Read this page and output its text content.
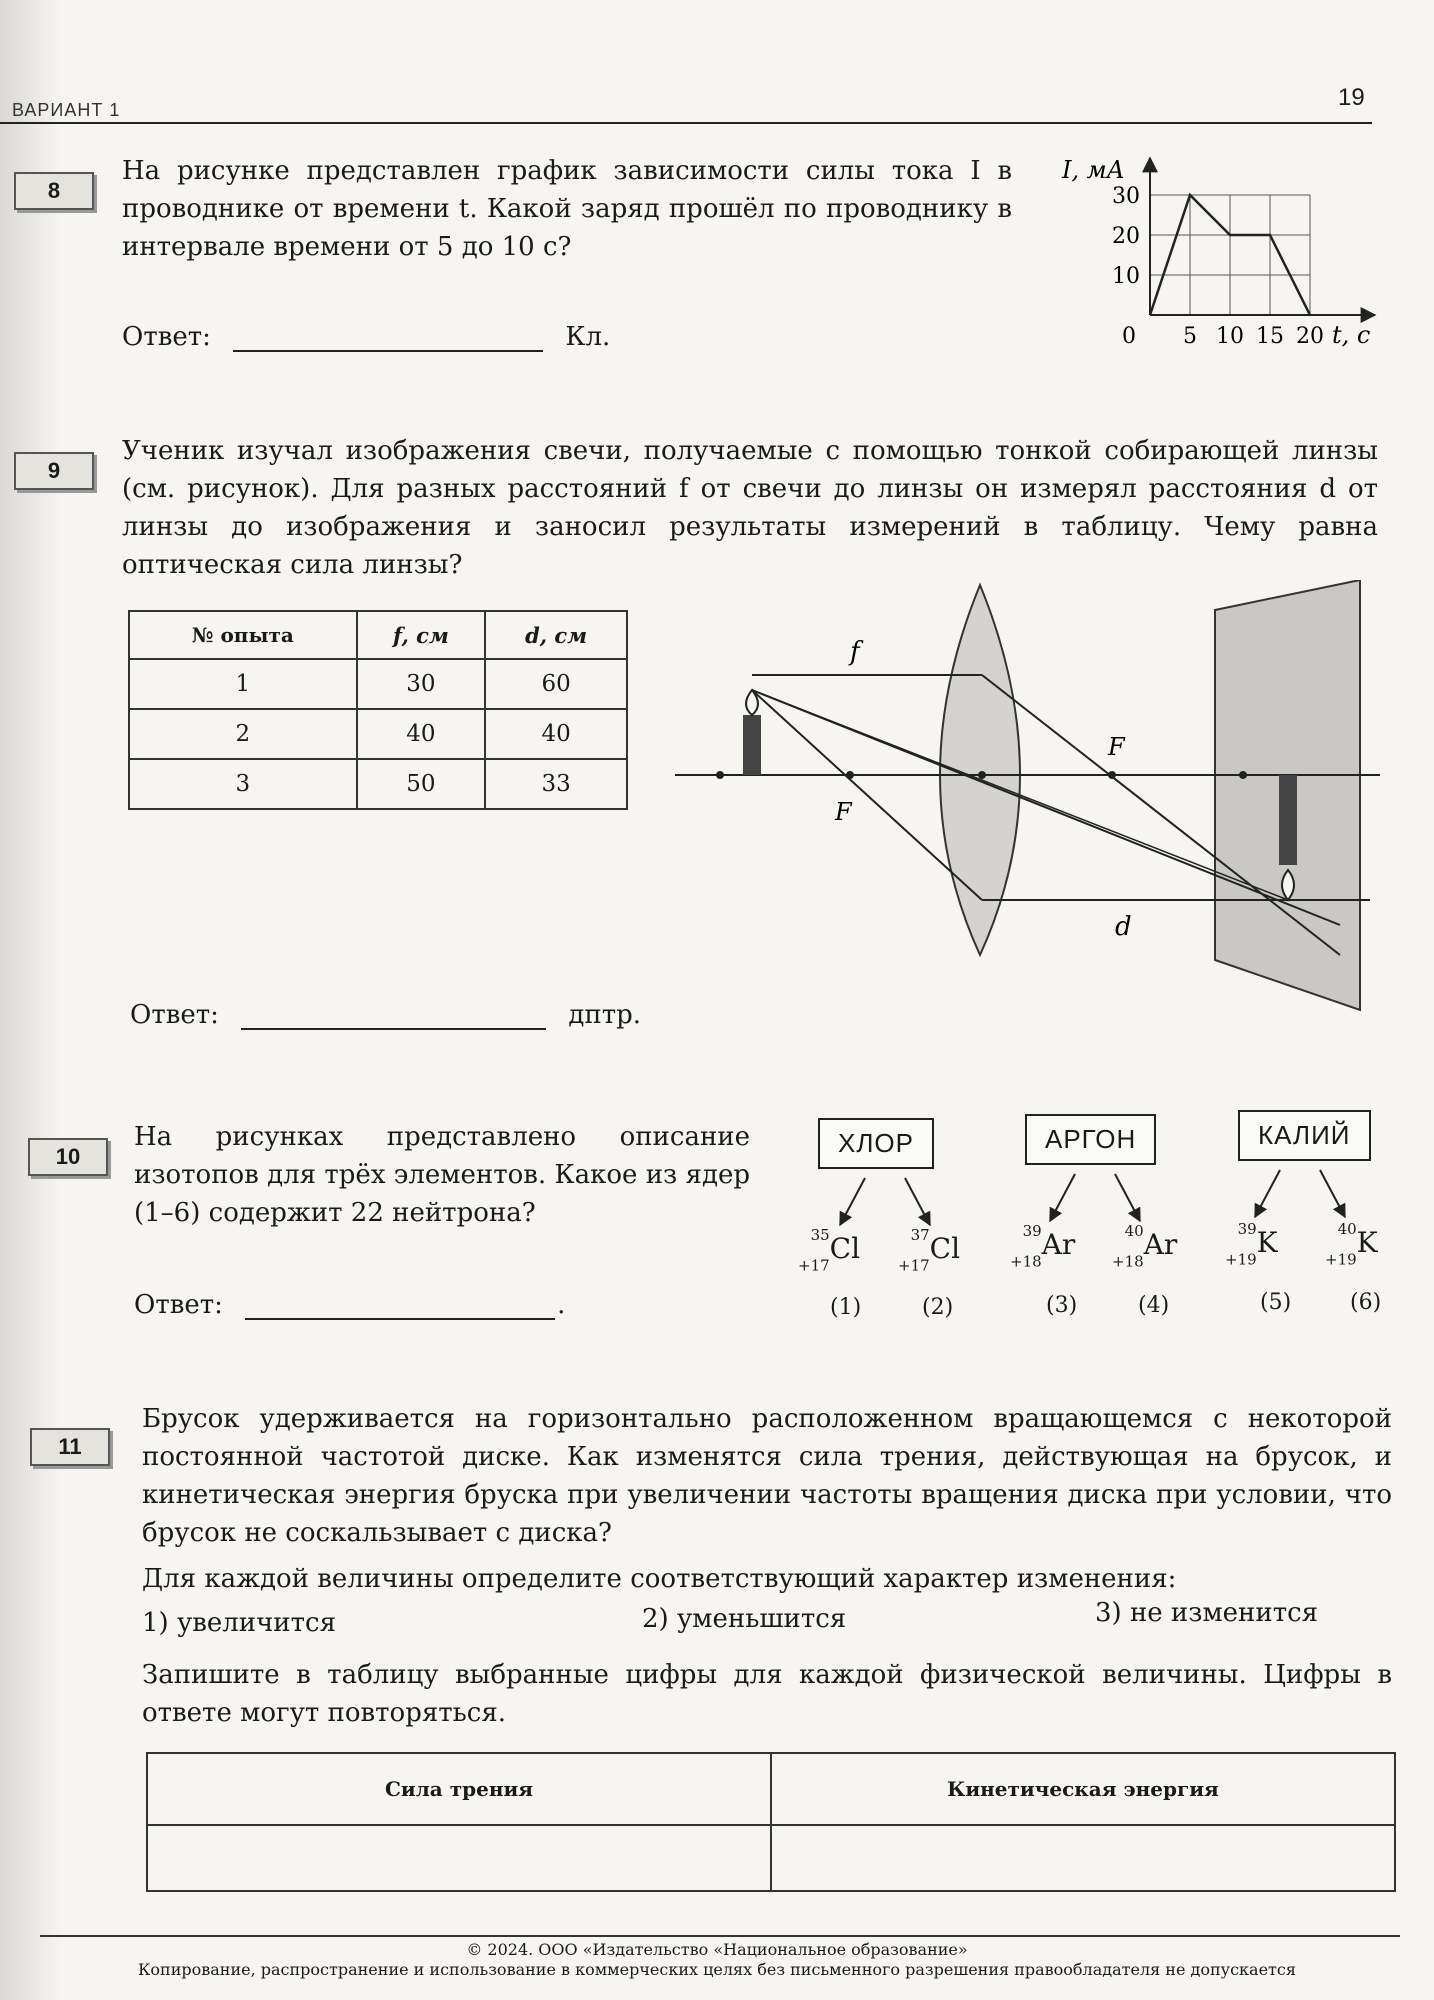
ВАРИАНТ 1	19
8
На рисунке представлен график зависимости силы тока I в проводнике от времени t. Какой заряд прошёл по проводнику в интервале времени от 5 до 10 с?
Ответ:	Кл.	0 5 10 15 20
10
20
30
I, мА
t, с
9
Ученик изучал изображения свечи, получаемые с помощью тонкой собирающей линзы (см. рисунок). Для разных расстояний f от свечи до линзы он измерял расстояния d от линзы до изображения и заносил результаты измерений в таблицу. Чему равна оптическая сила линзы?
№ опыта	f, см	d, см
1	30	60
2	40	40
3	50	33
f
F
F
d
Ответ:	дптр.
10
На рисунках представлено описание изотопов для трёх элементов. Какое из ядер (1–6) содержит 22 нейтрона?
Ответ:	.
ХЛОР	АРГОН	КАЛИЙ
$^{35}$
$_{+17}$Cl	$^{37}$
$_{+17}$Cl
$^{39}$
$_{+18}$Ar	$^{40}$
$_{+18}$Ar	$^{39}$
$_{+19}$K	$^{40}$
$_{+19}$K
(1)	(2)	(3)	(4)	(5)	(6)
11
Брусок удерживается на горизонтально расположенном вращающемся с некоторой постоянной частотой диске. Как изменятся сила трения, действующая на брусок, и кинетическая энергия бруска при увеличении частоты вращения диска при условии, что брусок не соскальзывает с диска?
Для каждой величины определите соответствующий характер изменения:
1) увеличится	2) уменьшится	3) не изменится
Запишите в таблицу выбранные цифры для каждой физической величины. Цифры в ответе могут повторяться.
Сила трения	Кинетическая энергия

© 2024. ООО «Издательство «Национальное образование»
Копирование, распространение и использование в коммерческих целях без письменного разрешения правообладателя не допускается
